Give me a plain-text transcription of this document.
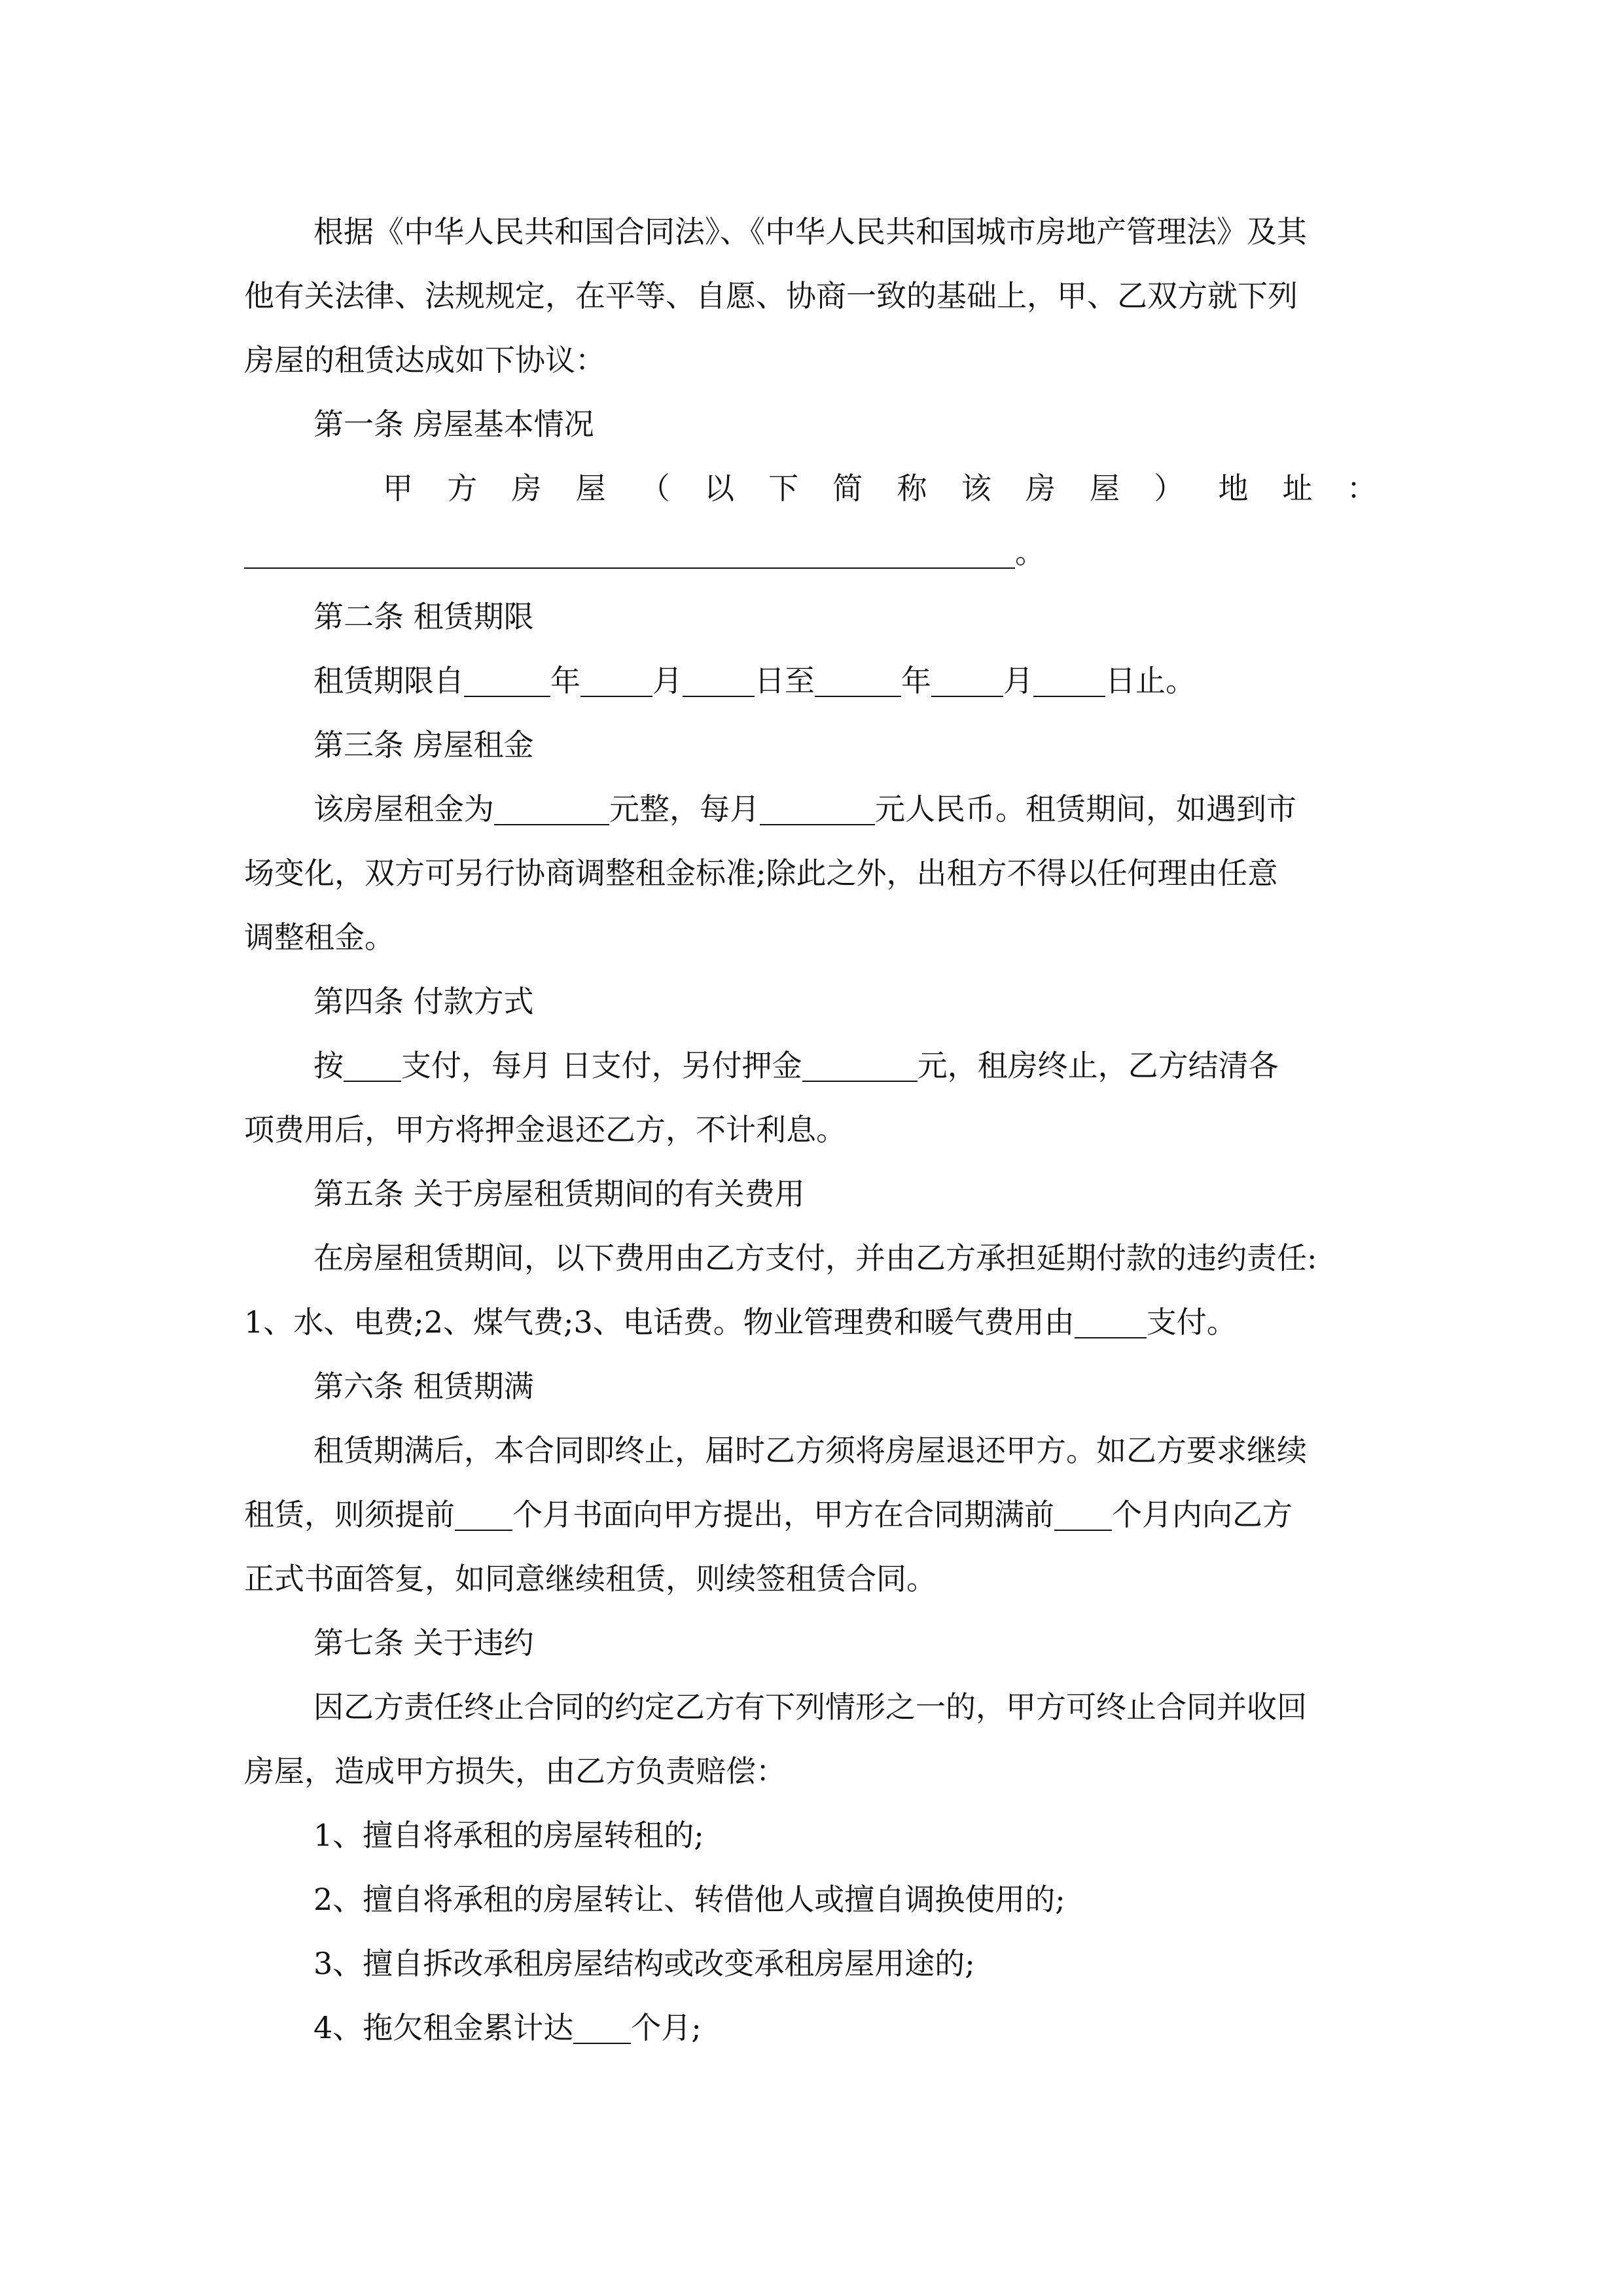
根据《中华人民共和国合同法》、《中华人民共和国城市房地产管理法》及其
他有关法律、法规规定，在平等、自愿、协商一致的基础上，甲、乙双方就下列
房屋的租赁达成如下协议：
第一条 房屋基本情况
甲 方 房 屋 （ 以 下 简 称 该 房 屋 ） 地 址 ：
。
第二条 租赁期限
租赁期限自	年 月 日至	年 月 日止。
第三条 房屋租金
该房屋租金为	元整，每月	元人民币。租赁期间，如遇到市
场变化，双方可另行协商调整租金标准;除此之外，出租方不得以任何理由任意
调整租金。
第四条 付款方式
按 支付，每月 日支付，另付押金	元，租房终止，乙方结清各
项费用后，甲方将押金退还乙方，不计利息。
第五条 关于房屋租赁期间的有关费用
在房屋租赁期间，以下费用由乙方支付，并由乙方承担延期付款的违约责任:
1、水、电费;2、煤气费;3、电话费。物业管理费和暖气费用由 支付。
第六条 租赁期满
租赁期满后，本合同即终止，届时乙方须将房屋退还甲方。如乙方要求继续
租赁，则须提前 个月书面向甲方提出，甲方在合同期满前 个月内向乙方
正式书面答复，如同意继续租赁，则续签租赁合同。
第七条 关于违约
因乙方责任终止合同的约定乙方有下列情形之一的，甲方可终止合同并收回
房屋，造成甲方损失，由乙方负责赔偿：
1、擅自将承租的房屋转租的;
2、擅自将承租的房屋转让、转借他人或擅自调换使用的;
3、擅自拆改承租房屋结构或改变承租房屋用途的;
4、拖欠租金累计达 个月;
